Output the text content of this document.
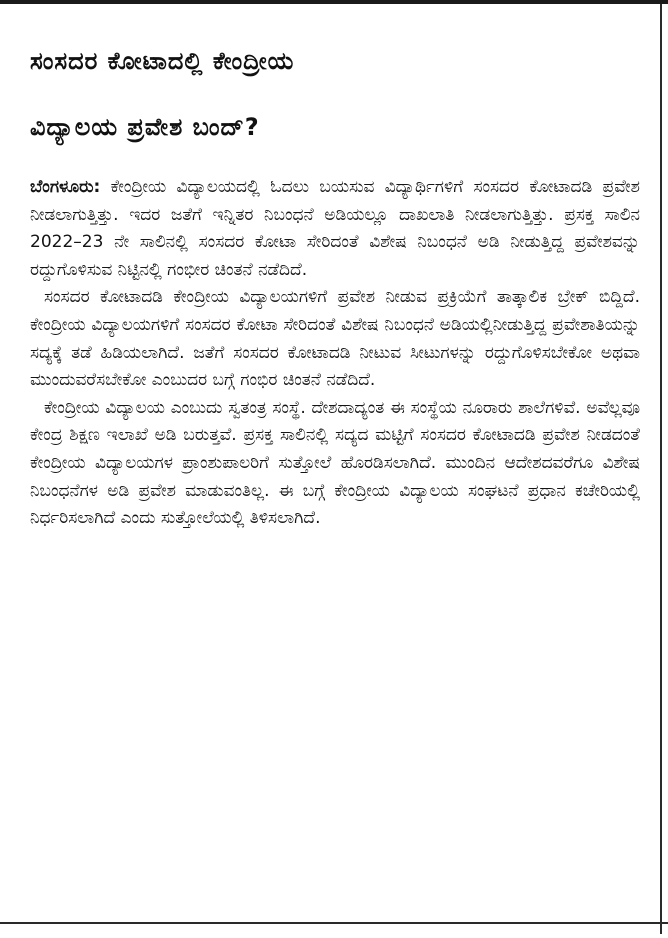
ಸಂಸದರ ಕೋಟಾದಲ್ಲಿ ಕೇಂದ್ರೀಯ
ವಿದ್ಯಾಲಯ ಪ್ರವೇಶ ಬಂದ್?

ಬೆಂಗಳೂರು: ಕೇಂದ್ರೀಯ ವಿದ್ಯಾಲಯದಲ್ಲಿ ಓದಲು ಬಯಸುವ ವಿದ್ಯಾರ್ಥಿಗಳಿಗೆ ಸಂಸದರ ಕೋಟಾದಡಿ ಪ್ರವೇಶ ನೀಡಲಾಗುತ್ತಿತ್ತು. ಇದರ ಜತೆಗೆ ಇನ್ನಿತರ ನಿಬಂಧನೆ ಅಡಿಯಲ್ಲೂ ದಾಖಲಾತಿ ನೀಡಲಾಗುತ್ತಿತ್ತು. ಪ್ರಸಕ್ತ ಸಾಲಿನ 2022–23 ನೇ ಸಾಲಿನಲ್ಲಿ ಸಂಸದರ ಕೋಟಾ ಸೇರಿದಂತೆ ವಿಶೇಷ ನಿಬಂಧನೆ ಅಡಿ ನೀಡುತ್ತಿದ್ದ ಪ್ರವೇಶವನ್ನು ರದ್ದುಗೊಳಿಸುವ ನಿಟ್ಟಿನಲ್ಲಿ ಗಂಭೀರ ಚಿಂತನೆ ನಡೆದಿದೆ.

ಸಂಸದರ ಕೋಟಾದಡಿ ಕೇಂದ್ರೀಯ ವಿದ್ಯಾಲಯಗಳಿಗೆ ಪ್ರವೇಶ ನೀಡುವ ಪ್ರಕ್ರಿಯೆಗೆ ತಾತ್ಕಾಲಿಕ ಬ್ರೇಕ್ ಬಿದ್ದಿದೆ. ಕೇಂದ್ರೀಯ ವಿದ್ಯಾಲಯಗಳಿಗೆ ಸಂಸದರ ಕೋಟಾ ಸೇರಿದಂತೆ ವಿಶೇಷ ನಿಬಂಧನೆ ಅಡಿಯಲ್ಲಿನೀಡುತ್ತಿದ್ದ ಪ್ರವೇಶಾತಿಯನ್ನು ಸದ್ಯಕ್ಕೆ ತಡೆ ಹಿಡಿಯಲಾಗಿದೆ. ಜತೆಗೆ ಸಂಸದರ ಕೋಟಾದಡಿ ನೀಟುವ ಸೀಟುಗಳನ್ನು ರದ್ದುಗೊಳಿಸಬೇಕೋ ಅಥವಾ ಮುಂದುವರೆಸಬೇಕೋ ಎಂಬುದರ ಬಗ್ಗೆ ಗಂಭಿರ ಚಿಂತನೆ ನಡೆದಿದೆ.

ಕೇಂದ್ರೀಯ ವಿದ್ಯಾಲಯ ಎಂಬುದು ಸ್ವತಂತ್ರ ಸಂಸ್ಥೆ. ದೇಶದಾದ್ಯಂತ ಈ ಸಂಸ್ಥೆಯ ನೂರಾರು ಶಾಲೆಗಳಿವೆ. ಅವೆಲ್ಲವೂ ಕೇಂದ್ರ ಶಿಕ್ಷಣ ಇಲಾಖೆ ಅಡಿ ಬರುತ್ತವೆ. ಪ್ರಸಕ್ತ ಸಾಲಿನಲ್ಲಿ ಸದ್ಯದ ಮಟ್ಟಿಗೆ ಸಂಸದರ ಕೋಟಾದಡಿ ಪ್ರವೇಶ ನೀಡದಂತೆ ಕೇಂದ್ರೀಯ ವಿದ್ಯಾಲಯಗಳ ಪ್ರಾಂಶುಪಾಲರಿಗೆ ಸುತ್ತೋಲೆ ಹೊರಡಿಸಲಾಗಿದೆ. ಮುಂದಿನ ಆದೇಶದವರೆಗೂ ವಿಶೇಷ ನಿಬಂಧನೆಗಳ ಅಡಿ ಪ್ರವೇಶ ಮಾಡುವಂತಿಲ್ಲ. ಈ ಬಗ್ಗೆ ಕೇಂದ್ರೀಯ ವಿದ್ಯಾಲಯ ಸಂಘಟನೆ ಪ್ರಧಾನ ಕಚೇರಿಯಲ್ಲಿ ನಿರ್ಧರಿಸಲಾಗಿದೆ ಎಂದು ಸುತ್ತೋಲೆಯಲ್ಲಿ ತಿಳಿಸಲಾಗಿದೆ.
